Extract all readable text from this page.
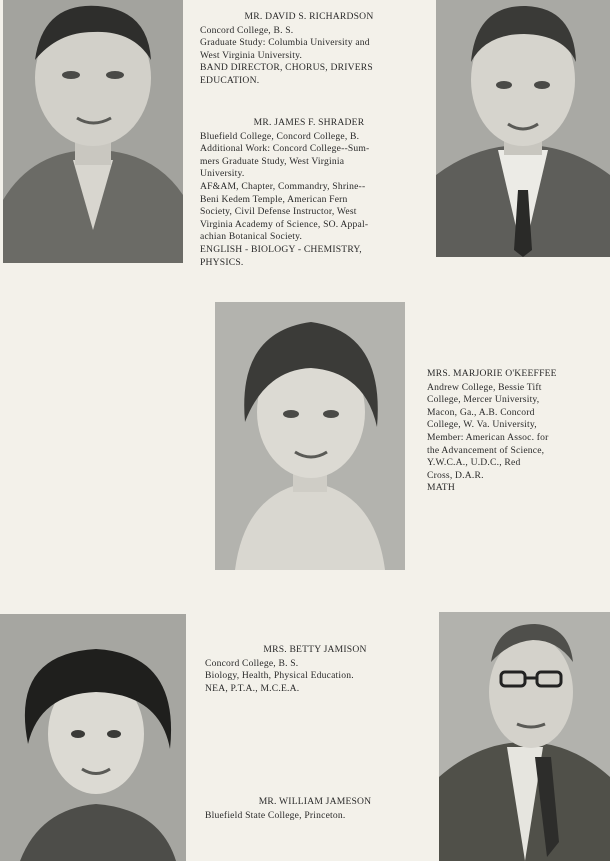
MR. DAVID S. RICHARDSON
Concord College, B. S.
Graduate Study: Columbia University and
West Virginia University.
BAND DIRECTOR, CHORUS, DRIVERS
EDUCATION.
MR. JAMES F. SHRADER
Bluefield College, Concord College, B.
Additional Work: Concord College--Sum-
mers Graduate Study, West Virginia
University.
AF&AM, Chapter, Commandry, Shrine--
Beni Kedem Temple, American Fern
Society, Civil Defense Instructor, West
Virginia Academy of Science, SO. Appal-
achian Botanical Society.
ENGLISH - BIOLOGY - CHEMISTRY,
PHYSICS.
MRS. MARJORIE O'KEEFFEE
Andrew College, Bessie Tift
College, Mercer University,
Macon, Ga., A.B. Concord
College, W. Va. University,
Member: American Assoc. for
the Advancement of Science,
Y.W.C.A., U.D.C., Red
Cross, D.A.R.
MATH
MRS. BETTY JAMISON
Concord College, B. S.
Biology, Health, Physical Education.
NEA, P.T.A., M.C.E.A.
MR. WILLIAM JAMESON
Bluefield State College, Princeton.
